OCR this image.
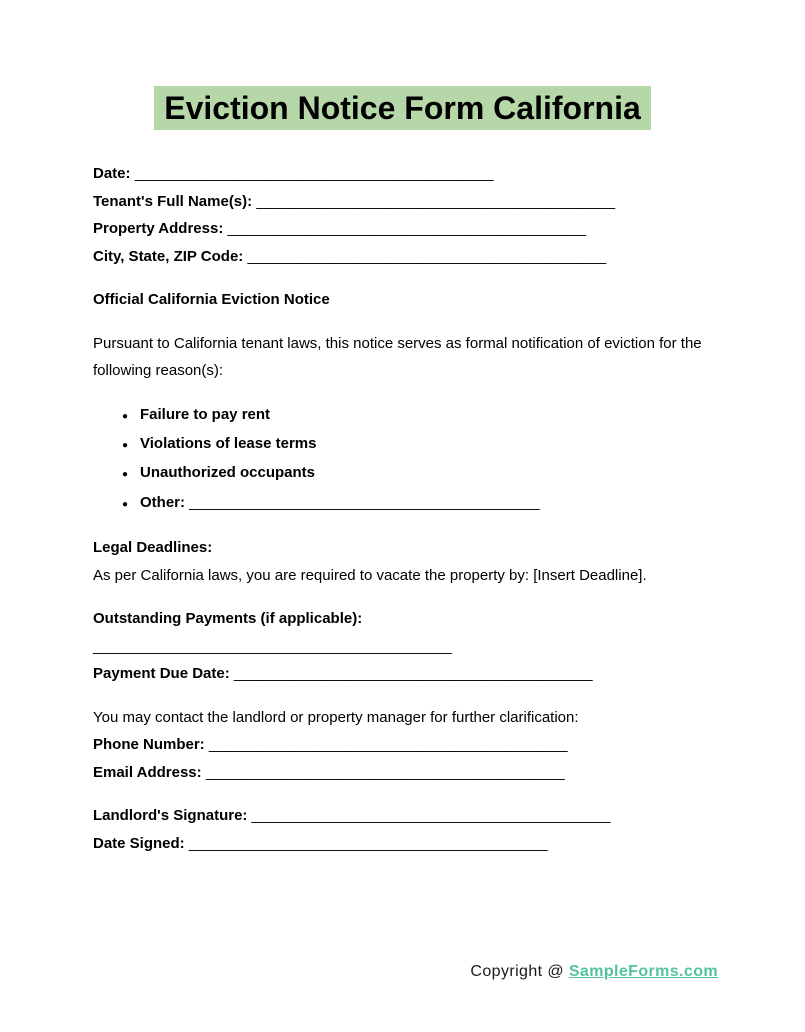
Eviction Notice Form California

Date: ___________________________________________

Tenant's Full Name(s): ___________________________________________

Property Address: ___________________________________________

City, State, ZIP Code: ___________________________________________

Official California Eviction Notice

Pursuant to California tenant laws, this notice serves as formal notification of eviction for the following reason(s):

● Failure to pay rent
● Violations of lease terms
● Unauthorized occupants
● Other: __________________________________________

Legal Deadlines:

As per California laws, you are required to vacate the property by: [Insert Deadline].

Outstanding Payments (if applicable):

___________________________________________

Payment Due Date: ___________________________________________

You may contact the landlord or property manager for further clarification:

Phone Number: ___________________________________________

Email Address: ___________________________________________

Landlord's Signature: ___________________________________________

Date Signed: ___________________________________________

Copyright @ SampleForms.com
